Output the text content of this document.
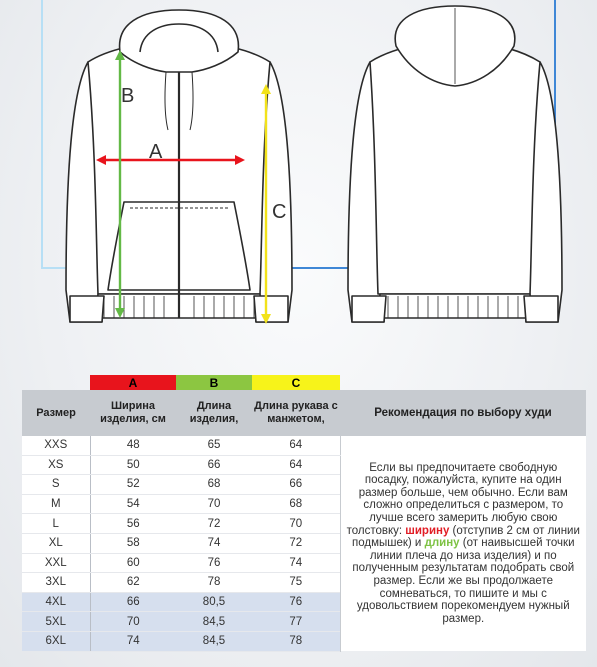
A
B
C
	A	B	C	
Размер	Ширина изделия, см	Длина изделия,	Длина рукава с манжетом,	Рекомендация по выбору худи
XXS	48	65	64	Если вы предпочитаете свободную посадку, пожалуйста, купите на один размер больше, чем обычно. Если вам сложно определиться с размером, то лучше всего замерить любую свою толстовку: ширину (отступив 2 см от линии подмышек) и длину (от наивысшей точки линии плеча до низа изделия) и по полученным результатам подобрать свой размер. Если же вы продолжаете сомневаться, то пишите и мы с удовольствием порекомендуем нужный размер.
XS	50	66	64	
S	52	68	66	
M	54	70	68	
L	56	72	70	
XL	58	74	72	
XXL	60	76	74	
3XL	62	78	75	
4XL	66	80,5	76	
5XL	70	84,5	77	
6XL	74	84,5	78	
